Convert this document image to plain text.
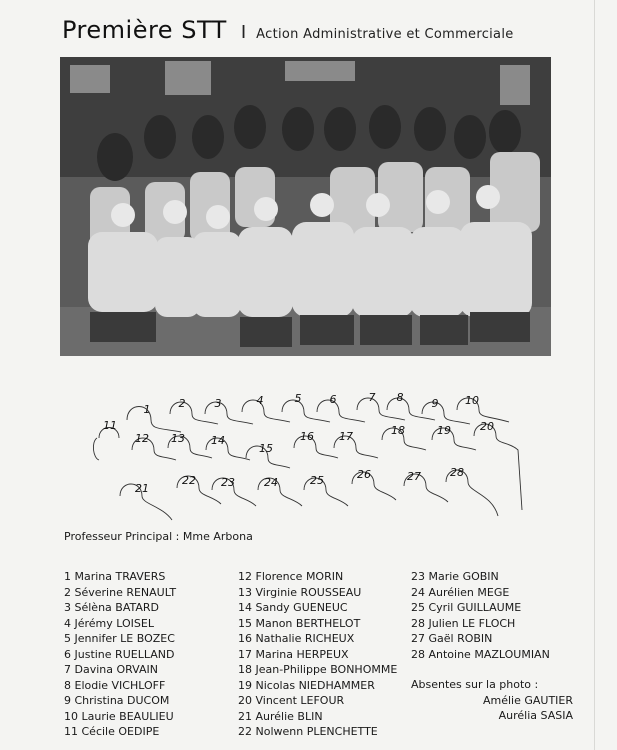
Première STT I Action Administrative et Commerciale
1	2	3	4	5	6	7 8	9 10
11
12 13 14
15
16 17	18	19	20
21
22 23	24	25	26	27	28
Professeur Principal : Mme Arbona
1 Marina TRAVERS
2 Séverine RENAULT
3 Sélèna BATARD
4 Jérémy LOISEL
5 Jennifer LE BOZEC
6 Justine RUELLAND
7 Davina ORVAIN
8 Elodie VICHLOFF
9 Christina DUCOM
10 Laurie BEAULIEU
11 Cécile OEDIPE
12 Florence MORIN
13 Virginie ROUSSEAU
14 Sandy GUENEUC
15 Manon BERTHELOT
16 Nathalie RICHEUX
17 Marina HERPEUX
18 Jean-Philippe BONHOMME
19 Nicolas NIEDHAMMER
20 Vincent LEFOUR
21 Aurélie BLIN
22 Nolwenn PLENCHETTE
23 Marie GOBIN
24 Aurélien MEGE
25 Cyril GUILLAUME
28 Julien LE FLOCH
27 Gaël ROBIN
28 Antoine MAZLOUMIAN
Absentes sur la photo :
Amélie GAUTIER
Aurélia SASIA
